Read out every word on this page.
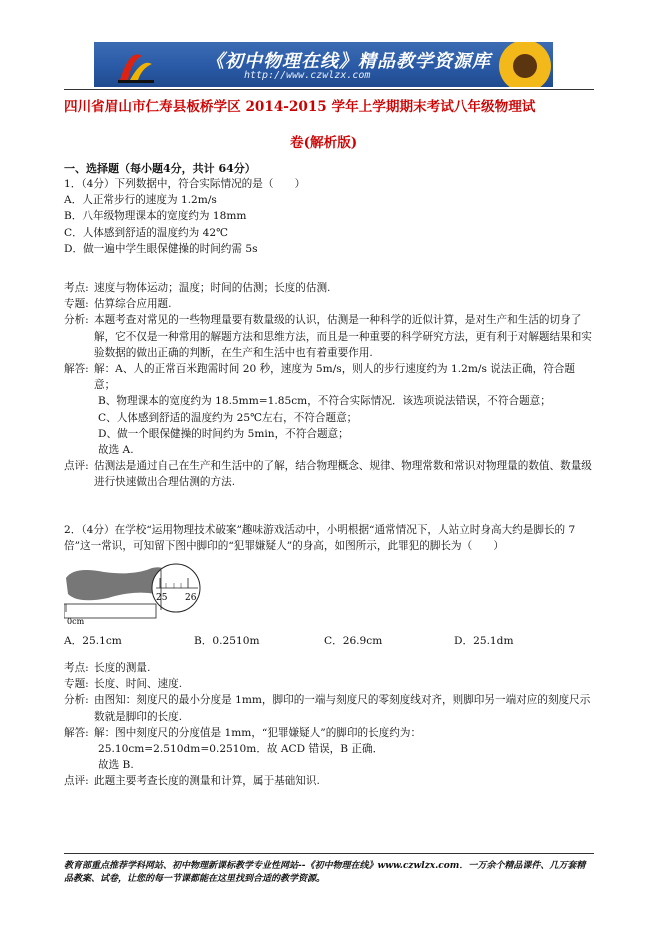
《初中物理在线》精品教学资源库
http://www.czwlzx.com
四川省眉山市仁寿县板桥学区 2014-2015 学年上学期期末考试八年级物理试
卷(解析版)
一、选择题（每小题4分，共计 64分）
1．（4分）下列数据中，符合实际情况的是（　　）
A．人正常步行的速度为 1.2m/s
B．八年级物理课本的宽度约为 18mm
C．人体感到舒适的温度约为 42℃
D．做一遍中学生眼保健操的时间约需 5s
考点: 速度与物体运动；温度；时间的估测；长度的估测.
专题: 估算综合应用题.
分析: 本题考查对常见的一些物理量要有数量级的认识，估测是一种科学的近似计算，是对生产和生活的切身了解，它不仅是一种常用的解题方法和思维方法，而且是一种重要的科学研究方法，更有利于对解题结果和实验数据的做出正确的判断，在生产和生活中也有着重要作用.
解答: 解：A、人的正常百米跑需时间 20 秒，速度为 5m/s，则人的步行速度约为 1.2m/s 说法正确，符合题意；
B、物理课本的宽度约为 18.5mm=1.85cm，不符合实际情况．该选项说法错误，不符合题意；
C、人体感到舒适的温度约为 25℃左右，不符合题意；
D、做一个眼保健操的时间约为 5min，不符合题意；
故选 A.
点评: 估测法是通过自己在生产和生活中的了解，结合物理概念、规律、物理常数和常识对物理量的数值、数量级进行快速做出合理估测的方法.
2．（4分）在学校“运用物理技术破案”趣味游戏活动中，小明根据“通常情况下，人站立时身高大约是脚长的 7 倍”这一常识，可知留下图中脚印的“犯罪嫌疑人”的身高，如图所示，此罪犯的脚长为（　　）
0cm
25 26
A．25.1cm	B．0.2510m	C．26.9cm	D．25.1dm
考点: 长度的测量.
专题: 长度、时间、速度.
分析: 由图知：刻度尺的最小分度是 1mm，脚印的一端与刻度尺的零刻度线对齐，则脚印另一端对应的刻度尺示数就是脚印的长度.
解答: 解：图中刻度尺的分度值是 1mm，“犯罪嫌疑人”的脚印的长度约为：
25.10cm=2.510dm=0.2510m．故 ACD 错误，B 正确．
故选 B.
点评: 此题主要考查长度的测量和计算，属于基础知识.
教育部重点推荐学科网站、初中物理新课标教学专业性网站--《初中物理在线》www.czwlzx.com．一万余个精品课件、几万套精品教案、试卷，让您的每一节课都能在这里找到合适的教学资源。
